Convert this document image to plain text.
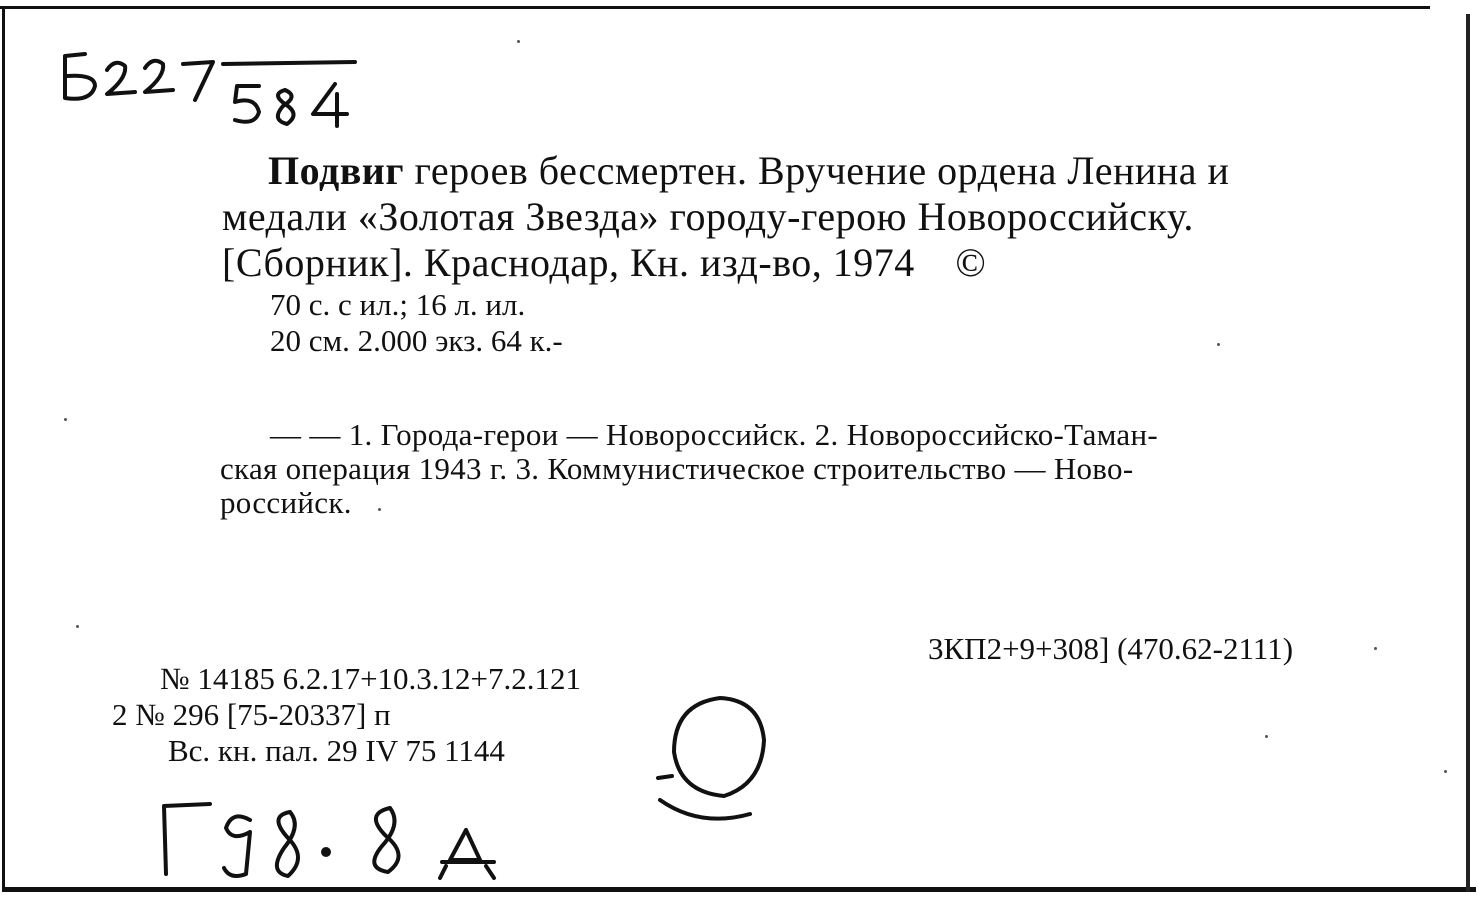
Подвиг героев бессмертен. Вручение ордена Ленина и
медали «Золотая Звезда» городу-герою Новороссийску.
[Сборник]. Краснодар, Кн. изд-во, 1974 ©
70 с. с ил.; 16 л. ил.
20 см. 2.000 экз. 64 к.-
— — 1. Города-герои — Новороссийск. 2. Новороссийско-Таман-
ская операция 1943 г. 3. Коммунистическое строительство — Ново-
российск.
3КП2+9+308] (470.62-2111)
№ 14185 6.2.17+10.3.12+7.2.121
2 № 296 [75-20337] п
Вс. кн. пал. 29 IV 75 1144
